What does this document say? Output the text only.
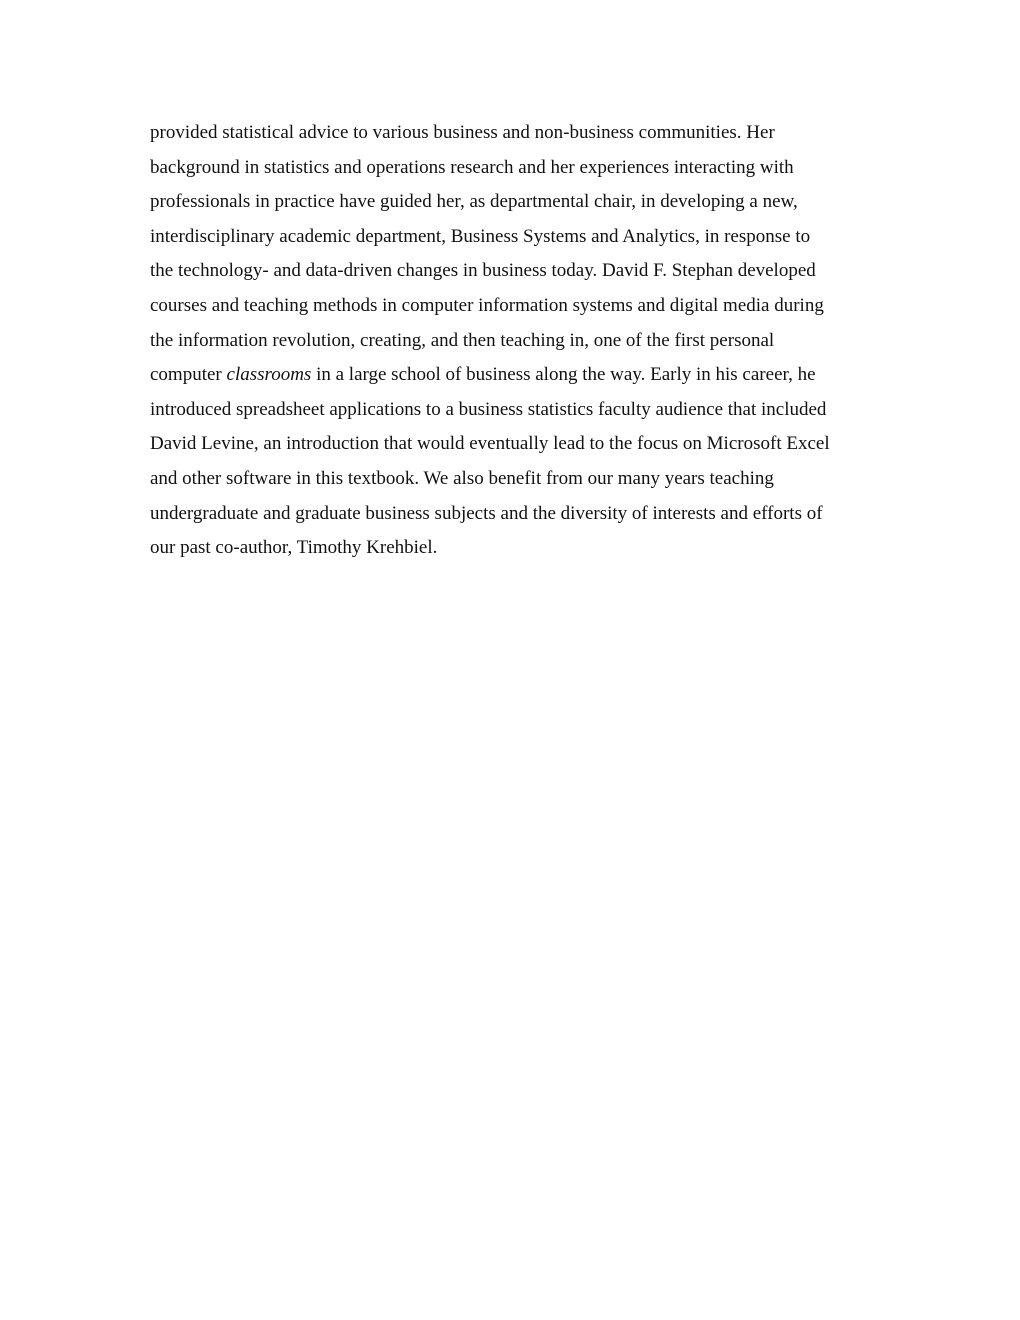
provided statistical advice to various business and non-business communities. Her
background in statistics and operations research and her experiences interacting with
professionals in practice have guided her, as departmental chair, in developing a new,
interdisciplinary academic department, Business Systems and Analytics, in response to
the technology- and data-driven changes in business today. David F. Stephan developed
courses and teaching methods in computer information systems and digital media during
the information revolution, creating, and then teaching in, one of the first personal
computer classrooms in a large school of business along the way. Early in his career, he
introduced spreadsheet applications to a business statistics faculty audience that included
David Levine, an introduction that would eventually lead to the focus on Microsoft Excel
and other software in this textbook. We also benefit from our many years teaching
undergraduate and graduate business subjects and the diversity of interests and efforts of
our past co-author, Timothy Krehbiel.
